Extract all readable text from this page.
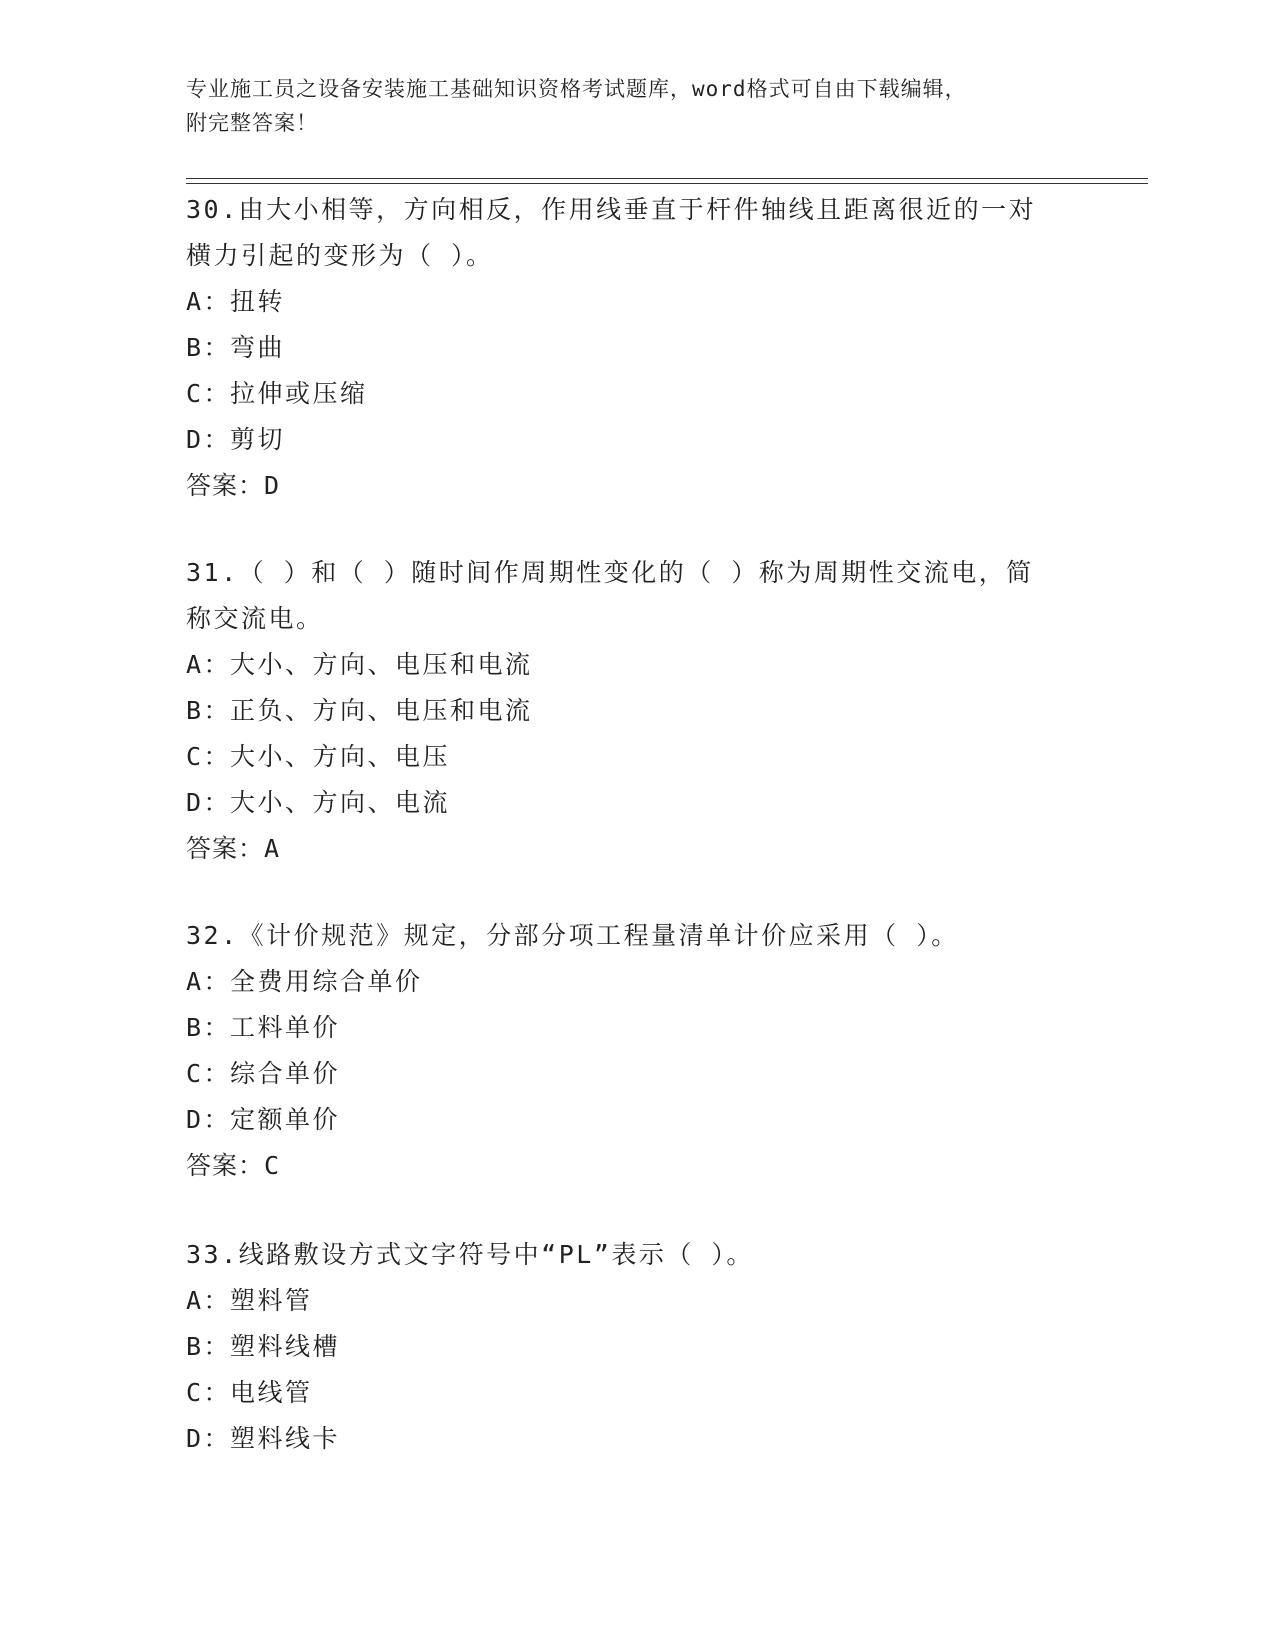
专业施工员之设备安装施工基础知识资格考试题库，word格式可自由下载编辑，
附完整答案！

30.由大小相等，方向相反，作用线垂直于杆件轴线且距离很近的一对

横力引起的变形为（ ）。

A：扭转
B：弯曲
C：拉伸或压缩
D：剪切
答案：D

31.（ ）和（ ）随时间作周期性变化的（ ）称为周期性交流电，简

称交流电。

A：大小、方向、电压和电流
B：正负、方向、电压和电流
C：大小、方向、电压
D：大小、方向、电流
答案：A

32.《计价规范》规定，分部分项工程量清单计价应采用（ ）。

A：全费用综合单价
B：工料单价
C：综合单价
D：定额单价
答案：C

33.线路敷设方式文字符号中“PL”表示（ ）。

A：塑料管
B：塑料线槽
C：电线管
D：塑料线卡
